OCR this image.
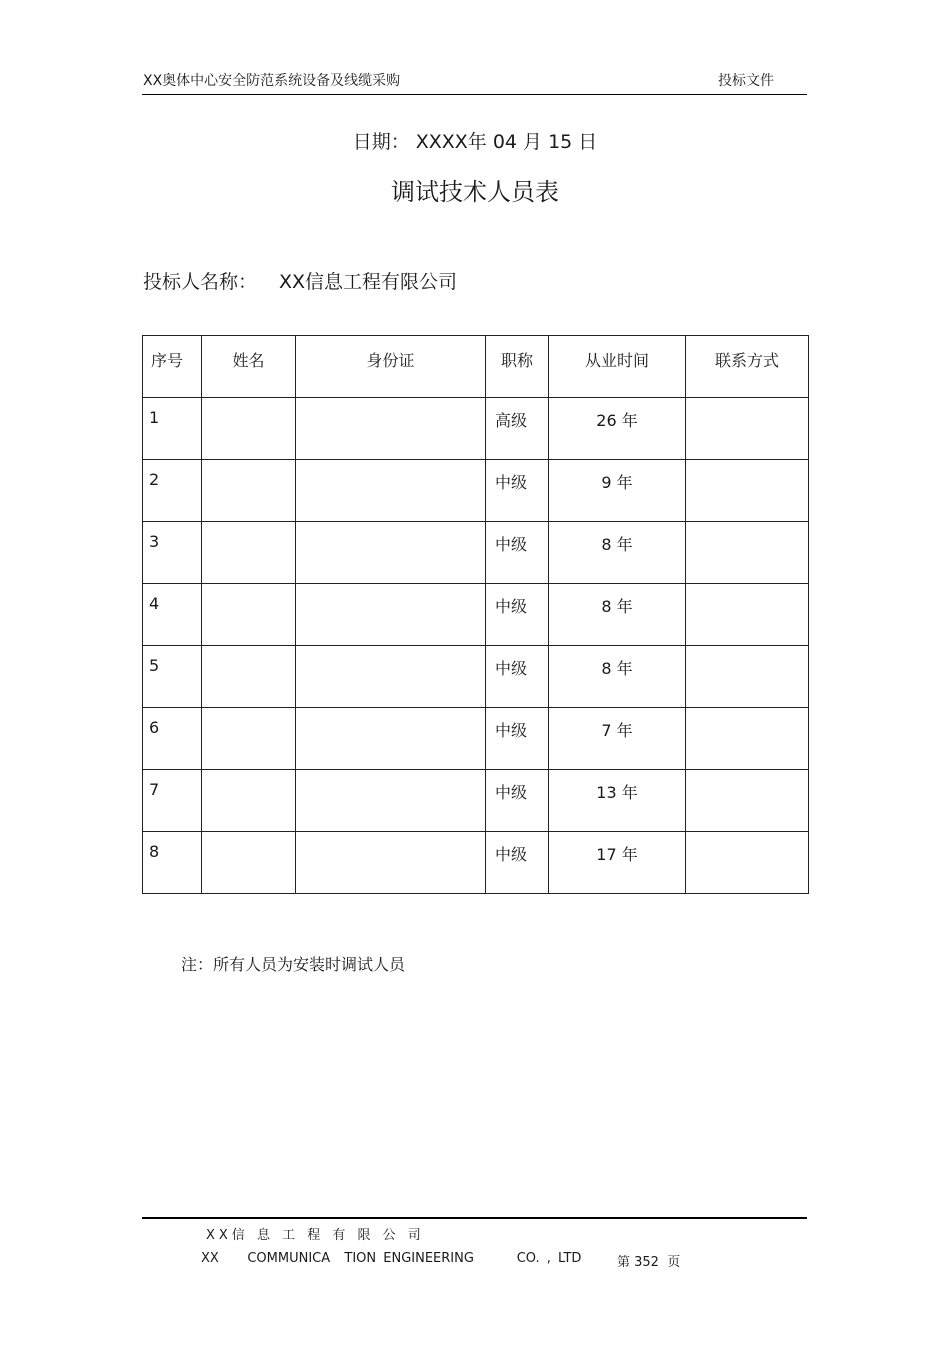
XX奥体中心安全防范系统设备及线缆采购	投标文件
日期： XXXX年 04 月 15 日
调试技术人员表
投标人名称： XX信息工程有限公司
序号	姓名	身份证	职称	从业时间	联系方式
1			高级	26 年	
2			中级	9 年	
3			中级	8 年	
4			中级	8 年	
5			中级	8 年	
6			中级	7 年	
7			中级	13 年	
8			中级	17 年	
注：所有人员为安装时调试人员
XX信 息 工 程 有 限 公 司
XX    COMMUNICA  TION ENGINEERING      CO. , LTD	第 352  页
